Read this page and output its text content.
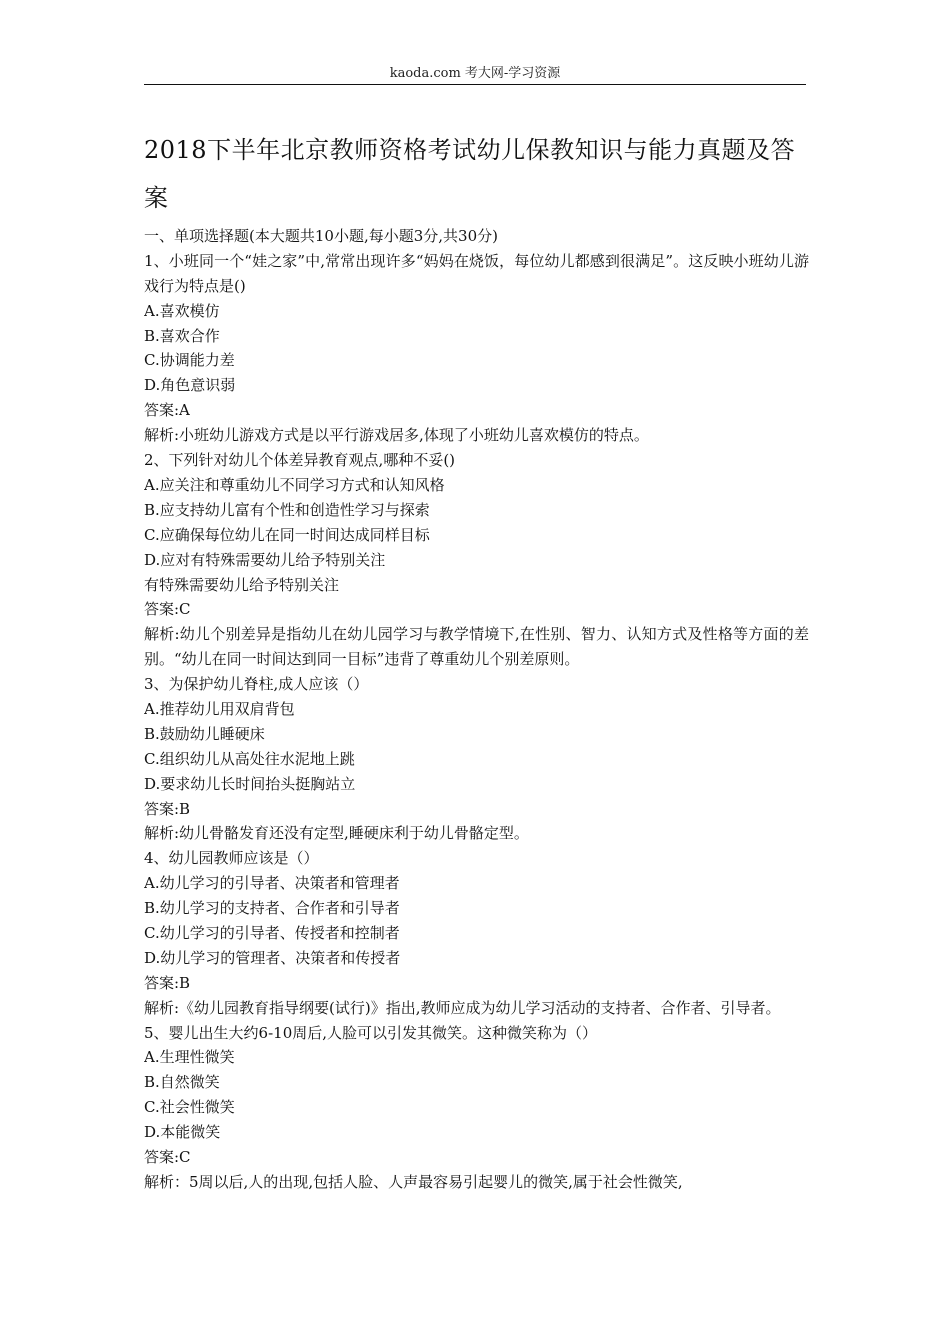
kaoda.com 考大网-学习资源
2018下半年北京教师资格考试幼儿保教知识与能力真题及答案
一、单项选择题(本大题共10小题,每小题3分,共30分)
1、小班同一个“娃之家”中,常常出现许多“妈妈在烧饭，每位幼儿都感到很满足”。这反映小班幼儿游戏行为特点是()
A.喜欢模仿
B.喜欢合作
C.协调能力差
D.角色意识弱
答案:A
解析:小班幼儿游戏方式是以平行游戏居多,体现了小班幼儿喜欢模仿的特点。
2、下列针对幼儿个体差异教育观点,哪种不妥()
A.应关注和尊重幼儿不同学习方式和认知风格
B.应支持幼儿富有个性和创造性学习与探索
C.应确保每位幼儿在同一时间达成同样目标
D.应对有特殊需要幼儿给予特别关注
有特殊需要幼儿给予特别关注
答案:C
解析:幼儿个别差异是指幼儿在幼儿园学习与教学情境下,在性别、智力、认知方式及性格等方面的差别。“幼儿在同一时间达到同一目标”违背了尊重幼儿个别差原则。
3、为保护幼儿脊柱,成人应该（）
A.推荐幼儿用双肩背包
B.鼓励幼儿睡硬床
C.组织幼儿从高处往水泥地上跳
D.要求幼儿长时间抬头挺胸站立
答案:B
解析:幼儿骨骼发育还没有定型,睡硬床利于幼儿骨骼定型。
4、幼儿园教师应该是（）
A.幼儿学习的引导者、决策者和管理者
B.幼儿学习的支持者、合作者和引导者
C.幼儿学习的引导者、传授者和控制者
D.幼儿学习的管理者、决策者和传授者
答案:B
解析:《幼儿园教育指导纲要(试行)》指出,教师应成为幼儿学习活动的支持者、合作者、引导者。
5、婴儿出生大约6-10周后,人脸可以引发其微笑。这种微笑称为（）
A.生理性微笑
B.自然微笑
C.社会性微笑
D.本能微笑
答案:C
解析：5周以后,人的出现,包括人脸、人声最容易引起婴儿的微笑,属于社会性微笑,
